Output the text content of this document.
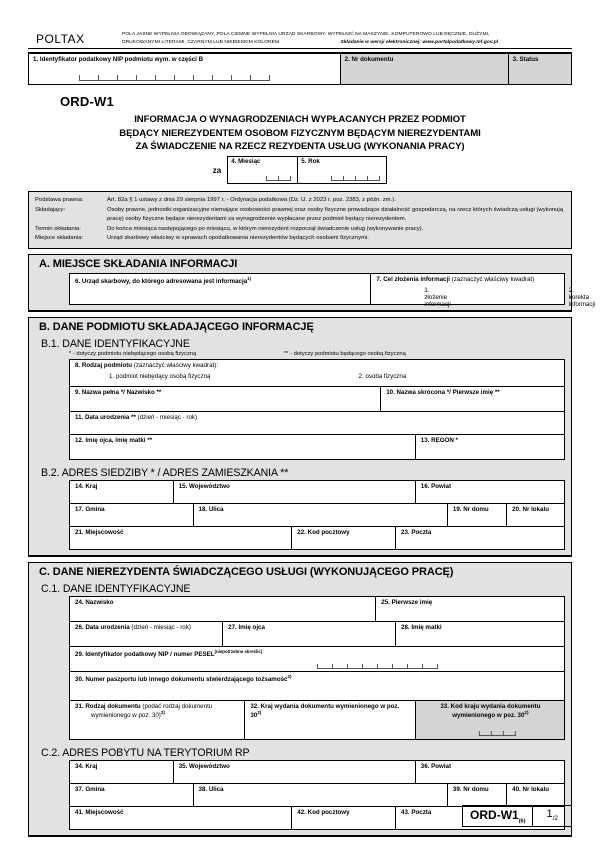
POLTAX	POLA JASNE WYPEŁNIA OBOWIĄZANY, POLA CIEMNE WYPEŁNIA URZĄD SKARBOWY. WYPEŁNIĆ NA MASZYNIE, KOMPUTEROWO LUB RĘCZNIE, DUŻYMI,
DRUKOWANYMI LITERAMI, CZARNYM LUB NIEBIESKIM KOLOREM.	Składanie w wersji elektronicznej: www.portalpodatkowy.mf.gov.pl
1. Identyfikator podatkowy NIP podmiotu wym. w części B	2. Nr dokumentu	3. Status
ORD-W1
INFORMACJA O WYNAGRODZENIACH WYPŁACANYCH PRZEZ PODMIOT
BĘDĄCY NIEREZYDENTEM OSOBOM FIZYCZNYM BĘDĄCYM NIEREZYDENTAMI
ZA ŚWIADCZENIE NA RZECZ REZYDENTA USŁUG (WYKONANIA PRACY)
za
4. Miesiąc	5. Rok
Podstawa prawna:	Art. 82a § 1 ustawy z dnia 29 sierpnia 1997 r. - Ordynacja podatkowa (Dz. U. z 2023 r. poz. 2383, z późn. zm.).
Składający:	Osoby prawne, jednostki organizacyjne niemające osobowości prawnej oraz osoby fizyczne prowadzące działalność gospodarczą, na rzecz których świadczą usługi (wykonują pracę) osoby fizyczne będące nierezydentami za wynagrodzenie wypłacane przez podmiot będący nierezydentem.
Termin składania:	Do końca miesiąca następującego po miesiącu, w którym nierezydent rozpoczął świadczenie usług (wykonywanie pracy).
Miejsce składania:	Urząd skarbowy właściwy w sprawach opodatkowania nierezydentów będących osobami fizycznymi.
A. MIEJSCE SKŁADANIA INFORMACJI
6. Urząd skarbowy, do którego adresowana jest informacja$^{1)}$	7. Cel złożenia informacji (zaznaczyć właściwy kwadrat)
1. złożenie informacji
2. korekta informacji
B. DANE PODMIOTU SKŁADAJĄCEGO INFORMACJĘ
B.1. DANE IDENTYFIKACYJNE
* - dotyczy podmiotu niebędącego osobą fizyczną	** - dotyczy podmiotu będącego osobą fizyczną
8. Rodzaj podmiotu (zaznaczyć właściwy kwadrat):
1. podmiot niebędący osobą fizyczną	2. osoba fizyczna
9. Nazwa pełna */ Nazwisko **	10. Nazwa skrócona */ Pierwsze imię **
11. Data urodzenia ** (dzień - miesiąc - rok)
12. Imię ojca, imię matki **	13. REGON *
B.2. ADRES SIEDZIBY * / ADRES ZAMIESZKANIA **
14. Kraj	15. Województwo	16. Powiat
17. Gmina	18. Ulica	19. Nr domu	20. Nr lokalu
21. Miejscowość	22. Kod pocztowy	23. Poczta
C. DANE NIEREZYDENTA ŚWIADCZĄCEGO USŁUGI (WYKONUJĄCEGO PRACĘ)
C.1. DANE IDENTYFIKACYJNE
24. Nazwisko	25. Pierwsze imię
26. Data urodzenia (dzień - miesiąc - rok)	27. Imię ojca	28. Imię matki
29. Identyfikator podatkowy NIP / numer $PESEL^{(niepotrzebne skreślić)}$
30. Numer paszportu lub innego dokumentu stwierdzającego tożsamość$^{2)}$
31. Rodzaj dokumentu (podać rodzaj dokumentu
wymienionego w poz. 30)$^{2)}$
32. Kraj wydania dokumentu wymienionego w poz. 30$^{2)}$
33. Kod kraju wydania dokumentu
wymienionego w poz. 30$^{2)}$
C.2. ADRES POBYTU NA TERYTORIUM RP
34. Kraj	35. Województwo	36. Powiat
37. Gmina	38. Ulica	39. Nr domu	40. Nr lokalu
41. Miejscowość	42. Kod pocztowy	43. Poczta	ORD-$W1_{(6)}$
$1_{/2}$
